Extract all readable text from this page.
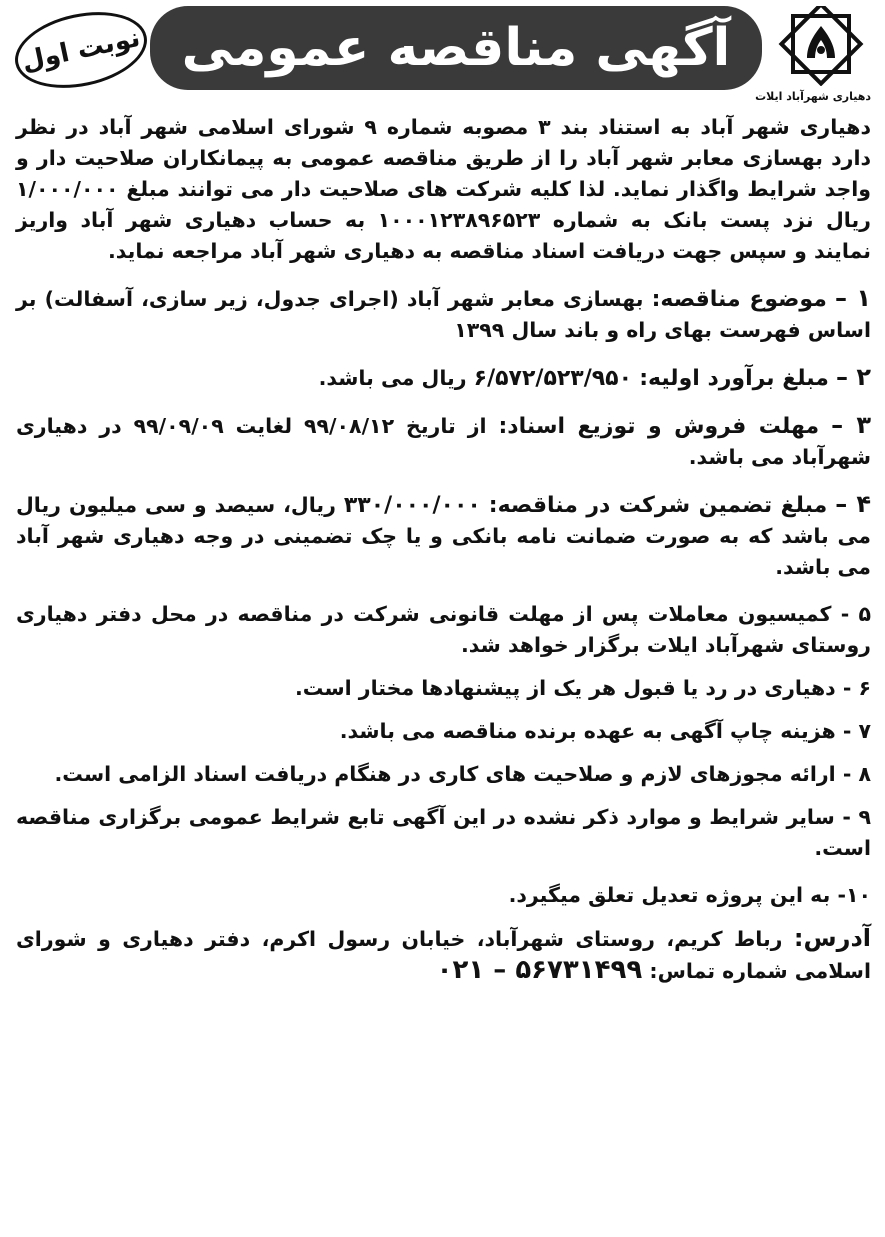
دهیاری شهرآباد ایلات
آگهی مناقصه عمومی
نوبت اول

دهیاری شهر آباد به استناد بند ۳ مصوبه شماره ۹ شورای اسلامی شهر آباد در نظر دارد بهسازی معابر شهر آباد را از طریق مناقصه عمومی به پیمانکاران صلاحیت دار و واجد شرایط واگذار نماید. لذا کلیه شرکت های صلاحیت دار می توانند مبلغ ۱/۰۰۰/۰۰۰ ریال نزد پست بانک به شماره ۱۰۰۰۱۲۳۸۹۶۵۲۳ به حساب دهیاری شهر آباد واریز نمایند و سپس جهت دریافت اسناد مناقصه به دهیاری شهر آباد مراجعه نماید.

۱ – موضوع مناقصه: بهسازی معابر شهر آباد (اجرای جدول، زیر سازی، آسفالت) بر اساس فهرست بهای راه و باند سال ۱۳۹۹

۲ – مبلغ برآورد اولیه: ۶/۵۷۲/۵۲۳/۹۵۰ ریال می باشد.

۳ – مهلت فروش و توزیع اسناد: از تاریخ ۹۹/۰۸/۱۲ لغایت ۹۹/۰۹/۰۹ در دهیاری شهرآباد می باشد.

۴ – مبلغ تضمین شرکت در مناقصه: ۳۳۰/۰۰۰/۰۰۰ ریال، سیصد و سی میلیون ریال می باشد که به صورت ضمانت نامه بانکی و یا چک تضمینی در وجه دهیاری شهر آباد می باشد.

۵ - کمیسیون معاملات پس از مهلت قانونی شرکت در مناقصه در محل دفتر دهیاری روستای شهرآباد ایلات برگزار خواهد شد.

۶ - دهیاری در رد یا قبول هر یک از پیشنهادها مختار است.

۷ - هزینه چاپ آگهی به عهده برنده مناقصه می باشد.

۸ - ارائه مجوزهای لازم و صلاحیت های کاری در هنگام دریافت اسناد الزامی است.

۹ - سایر شرایط و موارد ذکر نشده در این آگهی تابع شرایط عمومی برگزاری مناقصه است.

۱۰- به این پروژه تعدیل تعلق میگیرد.

آدرس: رباط کریم، روستای شهرآباد، خیابان رسول اکرم، دفتر دهیاری و شورای اسلامی شماره تماس: ۵۶۷۳۱۴۹۹ – ۰۲۱
